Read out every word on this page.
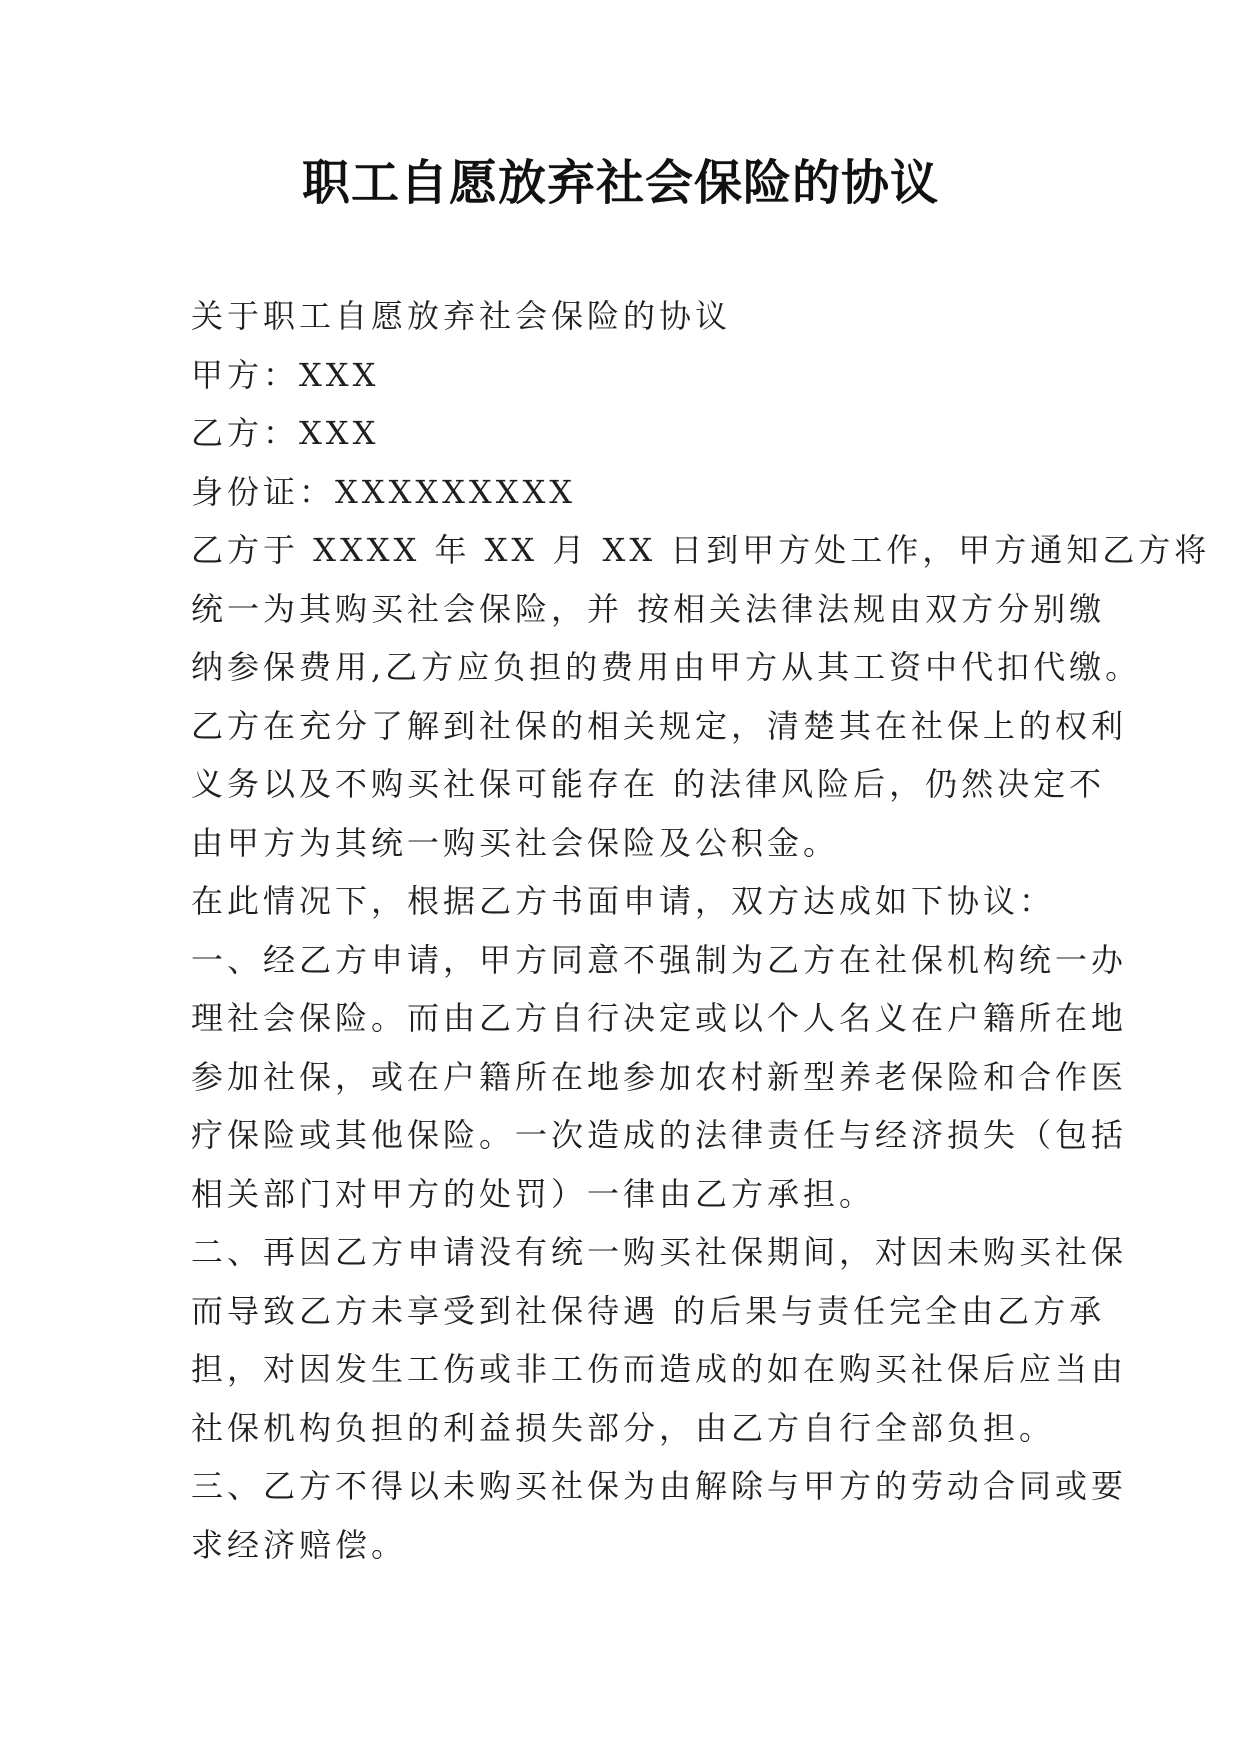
职工自愿放弃社会保险的协议
关于职工自愿放弃社会保险的协议
甲方：XXX
乙方：XXX
身份证：XXXXXXXXX
乙方于 XXXX 年 XX 月 XX 日到甲方处工作，甲方通知乙方将
统一为其购买社会保险，并 按相关法律法规由双方分别缴
纳参保费用,乙方应负担的费用由甲方从其工资中代扣代缴。
乙方在充分了解到社保的相关规定，清楚其在社保上的权利
义务以及不购买社保可能存在 的法律风险后，仍然决定不
由甲方为其统一购买社会保险及公积金。
在此情况下，根据乙方书面申请，双方达成如下协议：
一、经乙方申请，甲方同意不强制为乙方在社保机构统一办
理社会保险。而由乙方自行决定或以个人名义在户籍所在地
参加社保，或在户籍所在地参加农村新型养老保险和合作医
疗保险或其他保险。一次造成的法律责任与经济损失（包括
相关部门对甲方的处罚）一律由乙方承担。
二、再因乙方申请没有统一购买社保期间，对因未购买社保
而导致乙方未享受到社保待遇 的后果与责任完全由乙方承
担，对因发生工伤或非工伤而造成的如在购买社保后应当由
社保机构负担的利益损失部分，由乙方自行全部负担。
三、乙方不得以未购买社保为由解除与甲方的劳动合同或要
求经济赔偿。
